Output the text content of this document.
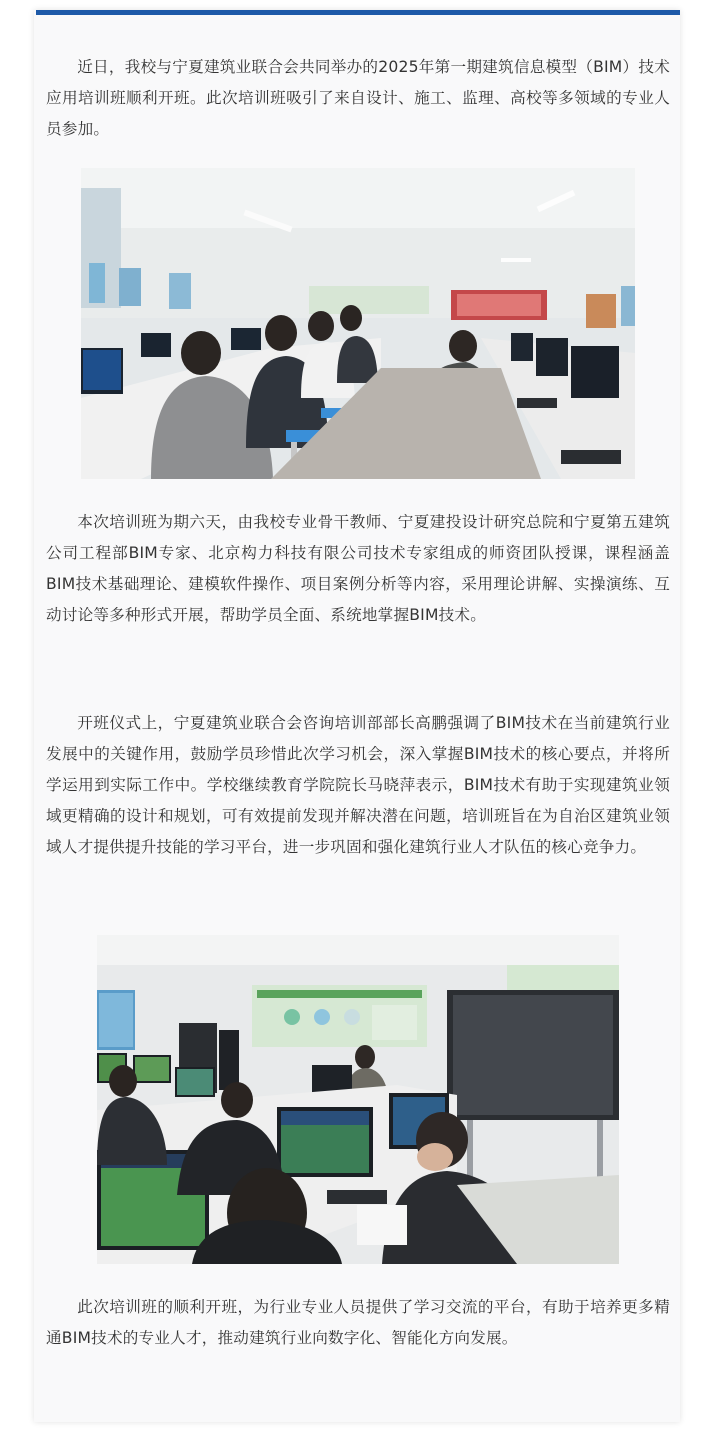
近日，我校与宁夏建筑业联合会共同举办的2025年第一期建筑信息模型（BIM）技术应用培训班顺利开班。此次培训班吸引了来自设计、施工、监理、高校等多领域的专业人员参加。

本次培训班为期六天，由我校专业骨干教师、宁夏建投设计研究总院和宁夏第五建筑公司工程部BIM专家、北京构力科技有限公司技术专家组成的师资团队授课，课程涵盖BIM技术基础理论、建模软件操作、项目案例分析等内容，采用理论讲解、实操演练、互动讨论等多种形式开展，帮助学员全面、系统地掌握BIM技术。

开班仪式上，宁夏建筑业联合会咨询培训部部长高鹏强调了BIM技术在当前建筑行业发展中的关键作用，鼓励学员珍惜此次学习机会，深入掌握BIM技术的核心要点，并将所学运用到实际工作中。学校继续教育学院院长马晓萍表示，BIM技术有助于实现建筑业领域更精确的设计和规划，可有效提前发现并解决潜在问题，培训班旨在为自治区建筑业领域人才提供提升技能的学习平台，进一步巩固和强化建筑行业人才队伍的核心竞争力。

此次培训班的顺利开班，为行业专业人员提供了学习交流的平台，有助于培养更多精通BIM技术的专业人才，推动建筑行业向数字化、智能化方向发展。
